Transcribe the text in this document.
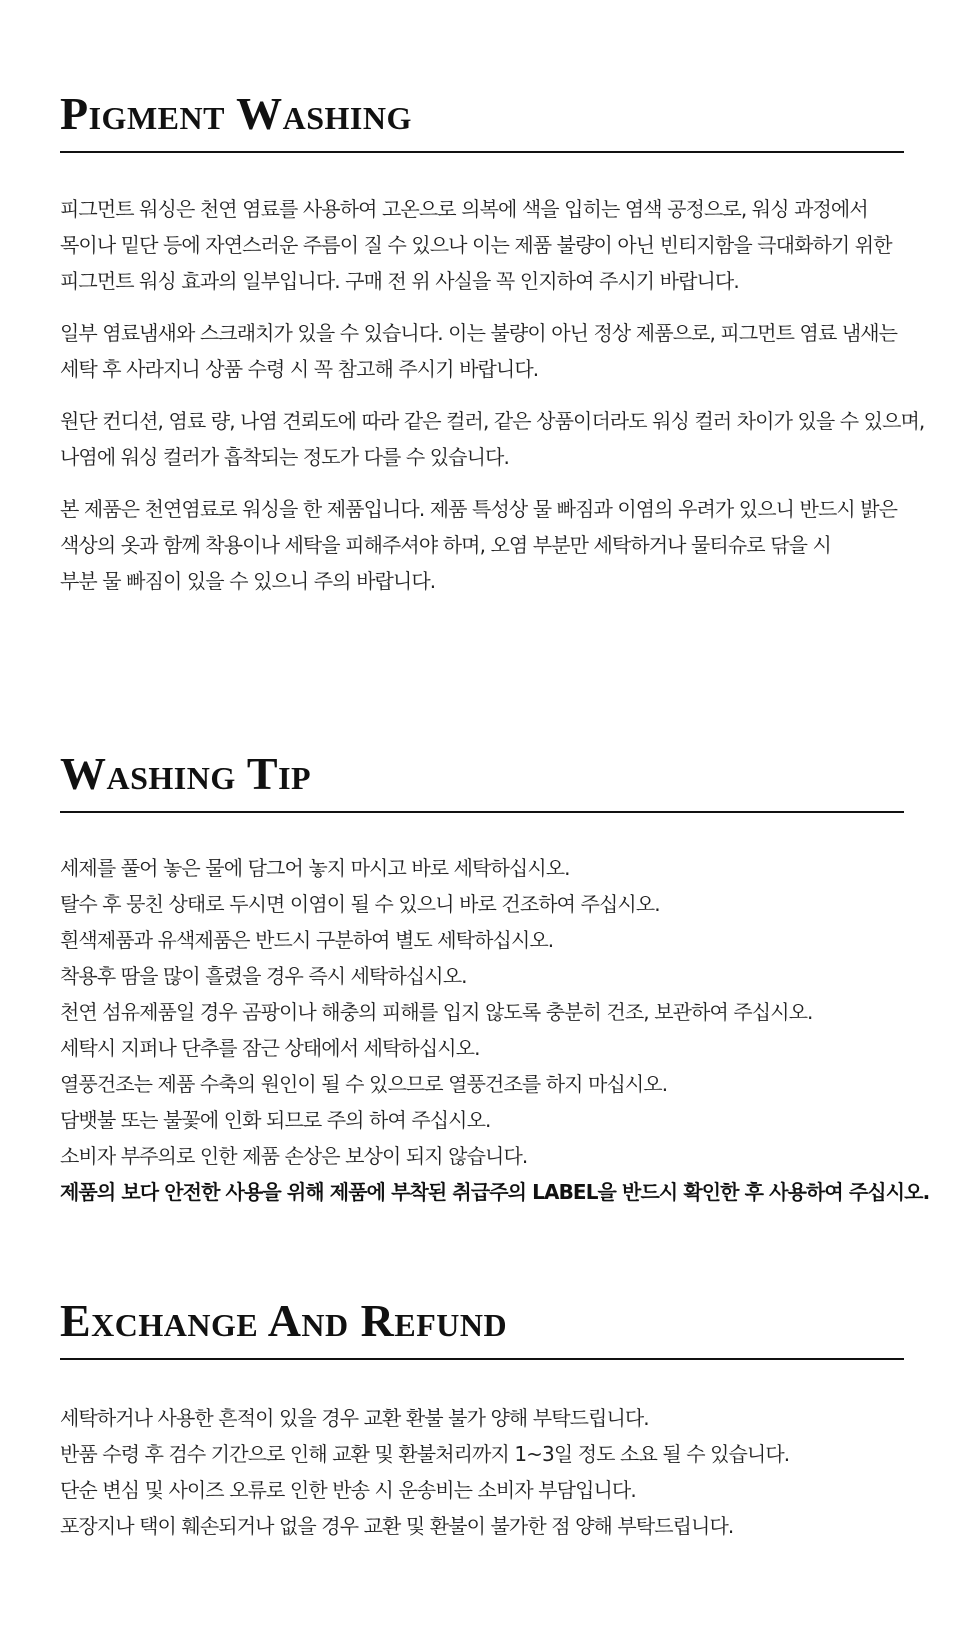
Pigment Washing

피그먼트 워싱은 천연 염료를 사용하여 고온으로 의복에 색을 입히는 염색 공정으로, 워싱 과정에서
목이나 밑단 등에 자연스러운 주름이 질 수 있으나 이는 제품 불량이 아닌 빈티지함을 극대화하기 위한
피그먼트 워싱 효과의 일부입니다. 구매 전 위 사실을 꼭 인지하여 주시기 바랍니다.

일부 염료냄새와 스크래치가 있을 수 있습니다. 이는 불량이 아닌 정상 제품으로, 피그먼트 염료 냄새는
세탁 후 사라지니 상품 수령 시 꼭 참고해 주시기 바랍니다.

원단 컨디션, 염료 량, 나염 견뢰도에 따라 같은 컬러, 같은 상품이더라도 워싱 컬러 차이가 있을 수 있으며,
나염에 워싱 컬러가 흡착되는 정도가 다를 수 있습니다.

본 제품은 천연염료로 워싱을 한 제품입니다. 제품 특성상 물 빠짐과 이염의 우려가 있으니 반드시 밝은
색상의 옷과 함께 착용이나 세탁을 피해주셔야 하며, 오염 부분만 세탁하거나 물티슈로 닦을 시
부분 물 빠짐이 있을 수 있으니 주의 바랍니다.

Washing Tip
세제를 풀어 놓은 물에 담그어 놓지 마시고 바로 세탁하십시오.
탈수 후 뭉친 상태로 두시면 이염이 될 수 있으니 바로 건조하여 주십시오.
흰색제품과 유색제품은 반드시 구분하여 별도 세탁하십시오.
착용후 땀을 많이 흘렸을 경우 즉시 세탁하십시오.
천연 섬유제품일 경우 곰팡이나 해충의 피해를 입지 않도록 충분히 건조, 보관하여 주십시오.
세탁시 지퍼나 단추를 잠근 상태에서 세탁하십시오.
열풍건조는 제품 수축의 원인이 될 수 있으므로 열풍건조를 하지 마십시오.
담뱃불 또는 불꽃에 인화 되므로 주의 하여 주십시오.
소비자 부주의로 인한 제품 손상은 보상이 되지 않습니다.
제품의 보다 안전한 사용을 위해 제품에 부착된 취급주의 LABEL을 반드시 확인한 후 사용하여 주십시오.
Exchange And Refund
세탁하거나 사용한 흔적이 있을 경우 교환 환불 불가 양해 부탁드립니다.
반품 수령 후 검수 기간으로 인해 교환 및 환불처리까지 1~3일 정도 소요 될 수 있습니다.
단순 변심 및 사이즈 오류로 인한 반송 시 운송비는 소비자 부담입니다.
포장지나 택이 훼손되거나 없을 경우 교환 및 환불이 불가한 점 양해 부탁드립니다.
